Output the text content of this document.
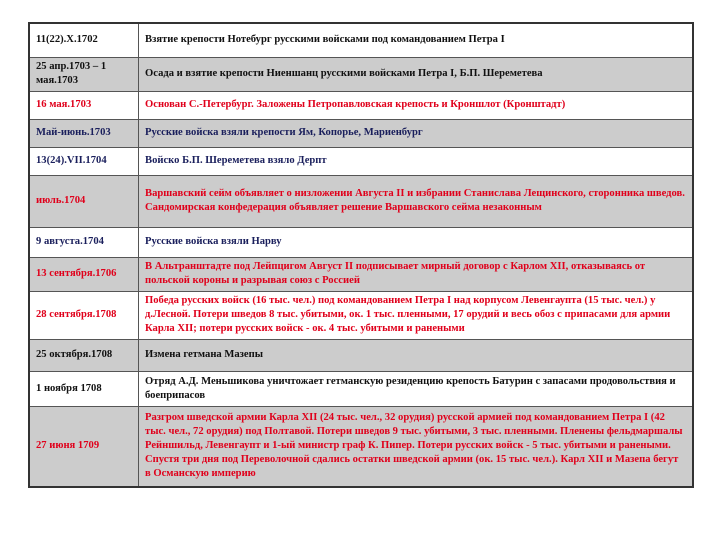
11(22).X.1702	Взятие крепости Нотебург русскими войсками под командованием Петра I
25 апр.1703 – 1 мая.1703	Осада и взятие крепости Ниеншанц русскими войсками Петра I, Б.П. Шереметева
16 мая.1703	Основан С.-Петербург. Заложены Петропавловская крепость и Кроншлот (Кронштадт)
Май-июнь.1703	Русские войска взяли крепости Ям, Копорье, Мариенбург
13(24).VII.1704	Войско Б.П. Шереметева взяло Дерпт
июль.1704	Варшавский сейм объявляет о низложении Августа II и избрании Станислава Лещинского, сторонника шведов. Сандомирская конфедерация объявляет решение Варшавского сейма незаконным
9 августа.1704	Русские войска взяли Нарву
13 сентября.1706	В Альтранштадте под Лейпцигом Август II подписывает мирный договор с Карлом XII, отказываясь от польской короны и разрывая союз с Россией
28 сентября.1708	Победа русских войск (16 тыс. чел.) под командованием Петра I над корпусом Левенгаупта (15 тыс. чел.) у д.Лесной. Потери шведов 8 тыс. убитыми, ок. 1 тыс. пленными, 17 орудий и весь обоз с припасами для армии Карла XII; потери русских войск - ок. 4 тыс. убитыми и ранеными
25 октября.1708	Измена гетмана Мазепы
1 ноября 1708	Отряд А.Д. Меньшикова уничтожает гетманскую резиденцию крепость Батурин с запасами продовольствия и боеприпасов
27 июня 1709	Разгром шведской армии Карла XII (24 тыс. чел., 32 орудия) русской армией под командованием Петра I (42 тыс. чел., 72 орудия) под Полтавой. Потери шведов 9 тыс. убитыми, 3 тыс. пленными. Пленены фельдмаршалы Рейншильд, Левенгаупт и 1-ый министр граф К. Пипер. Потери русских войск - 5 тыс. убитыми и ранеными. Спустя три дня под Переволочной сдались остатки шведской армии (ок. 15 тыс. чел.). Карл XII и Мазепа бегут в Османскую империю
